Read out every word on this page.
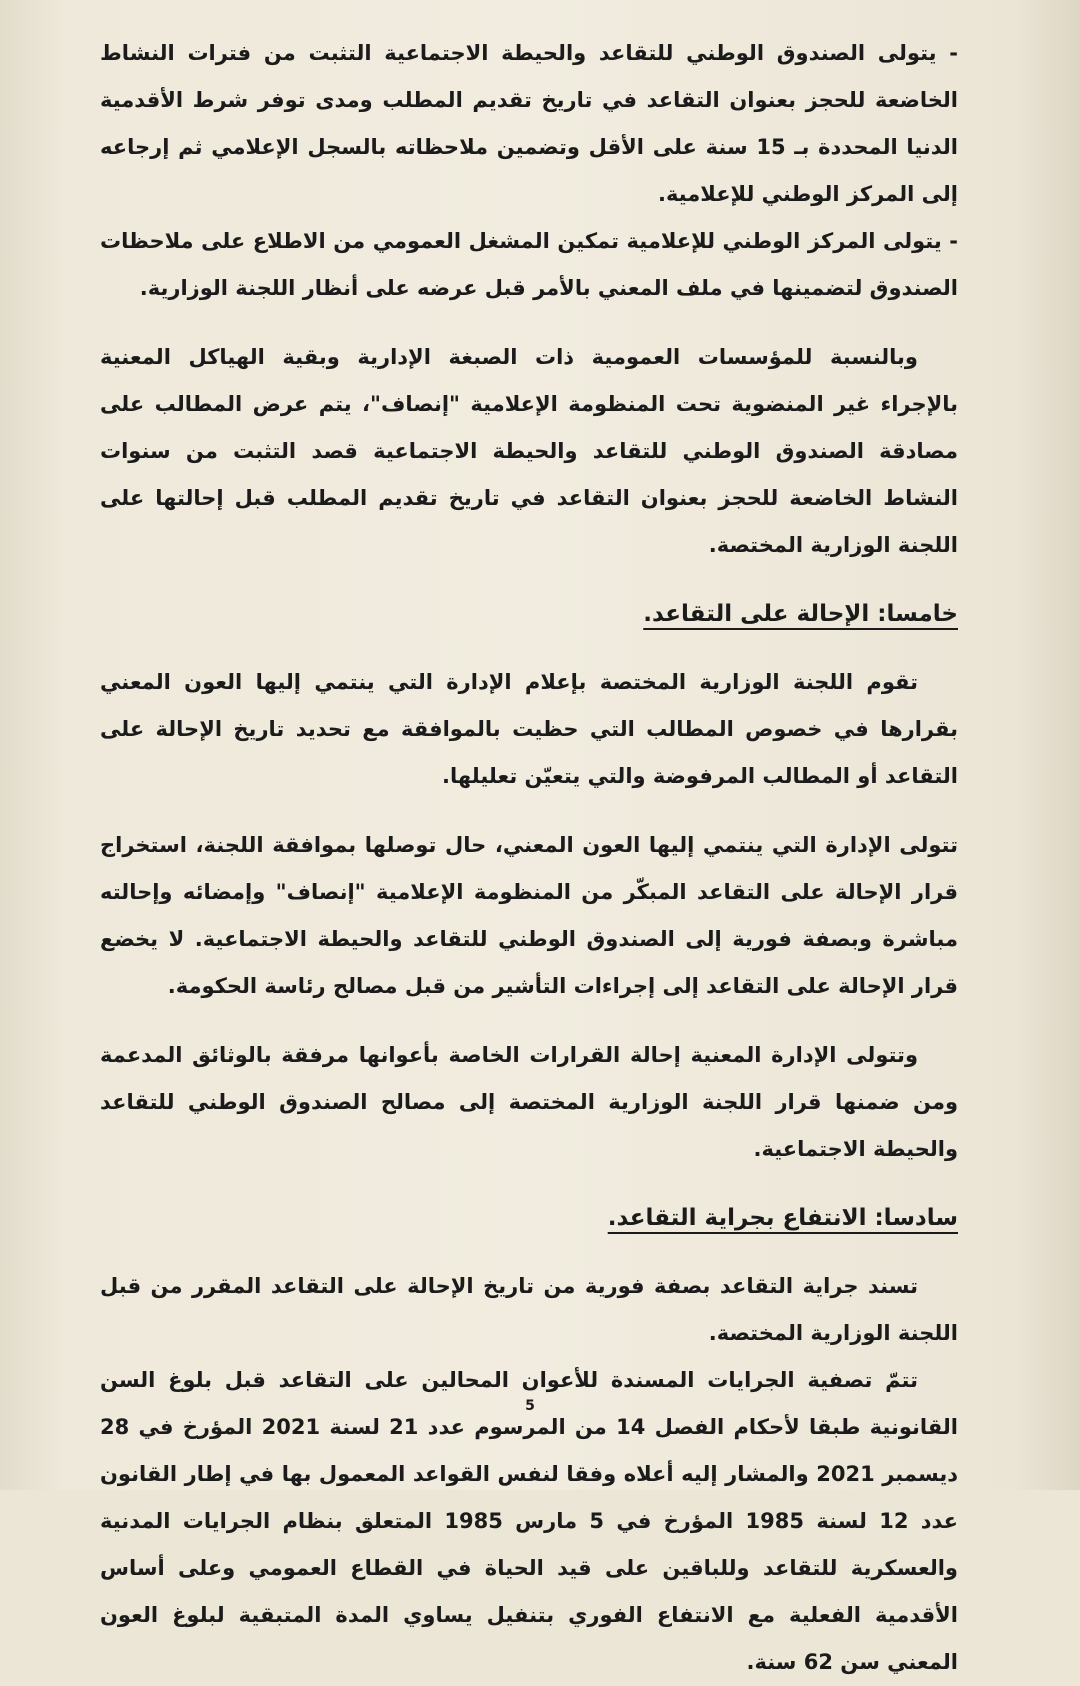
- يتولى الصندوق الوطني للتقاعد والحيطة الاجتماعية التثبت من فترات النشاط الخاضعة للحجز بعنوان التقاعد في تاريخ تقديم المطلب ومدى توفر شرط الأقدمية الدنيا المحددة بـ 15 سنة على الأقل وتضمين ملاحظاته بالسجل الإعلامي ثم إرجاعه إلى المركز الوطني للإعلامية.

- يتولى المركز الوطني للإعلامية تمكين المشغل العمومي من الاطلاع على ملاحظات الصندوق لتضمينها في ملف المعني بالأمر قبل عرضه على أنظار اللجنة الوزارية.

وبالنسبة للمؤسسات العمومية ذات الصبغة الإدارية وبقية الهياكل المعنية بالإجراء غير المنضوية تحت المنظومة الإعلامية "إنصاف"، يتم عرض المطالب على مصادقة الصندوق الوطني للتقاعد والحيطة الاجتماعية قصد التثبت من سنوات النشاط الخاضعة للحجز بعنوان التقاعد في تاريخ تقديم المطلب قبل إحالتها على اللجنة الوزارية المختصة.

خامسا: الإحالة على التقاعد.

تقوم اللجنة الوزارية المختصة بإعلام الإدارة التي ينتمي إليها العون المعني بقرارها في خصوص المطالب التي حظيت بالموافقة مع تحديد تاريخ الإحالة على التقاعد أو المطالب المرفوضة والتي يتعيّن تعليلها.

تتولى الإدارة التي ينتمي إليها العون المعني، حال توصلها بموافقة اللجنة، استخراج قرار الإحالة على التقاعد المبكّر من المنظومة الإعلامية "إنصاف" وإمضائه وإحالته مباشرة وبصفة فورية إلى الصندوق الوطني للتقاعد والحيطة الاجتماعية. لا يخضع قرار الإحالة على التقاعد إلى إجراءات التأشير من قبل مصالح رئاسة الحكومة.

وتتولى الإدارة المعنية إحالة القرارات الخاصة بأعوانها مرفقة بالوثائق المدعمة ومن ضمنها قرار اللجنة الوزارية المختصة إلى مصالح الصندوق الوطني للتقاعد والحيطة الاجتماعية.

سادسا: الانتفاع بجراية التقاعد.

تسند جراية التقاعد بصفة فورية من تاريخ الإحالة على التقاعد المقرر من قبل اللجنة الوزارية المختصة.

تتمّ تصفية الجرايات المسندة للأعوان المحالين على التقاعد قبل بلوغ السن القانونية طبقا لأحكام الفصل 14 من المرسوم عدد 21 لسنة 2021 المؤرخ في 28 ديسمبر 2021 والمشار إليه أعلاه وفقا لنفس القواعد المعمول بها في إطار القانون عدد 12 لسنة 1985 المؤرخ في 5 مارس 1985 المتعلق بنظام الجرايات المدنية والعسكرية للتقاعد وللباقين على قيد الحياة في القطاع العمومي وعلى أساس الأقدمية الفعلية مع الانتفاع الفوري بتنفيل يساوي المدة المتبقية لبلوغ العون المعني سن 62 سنة.

5
